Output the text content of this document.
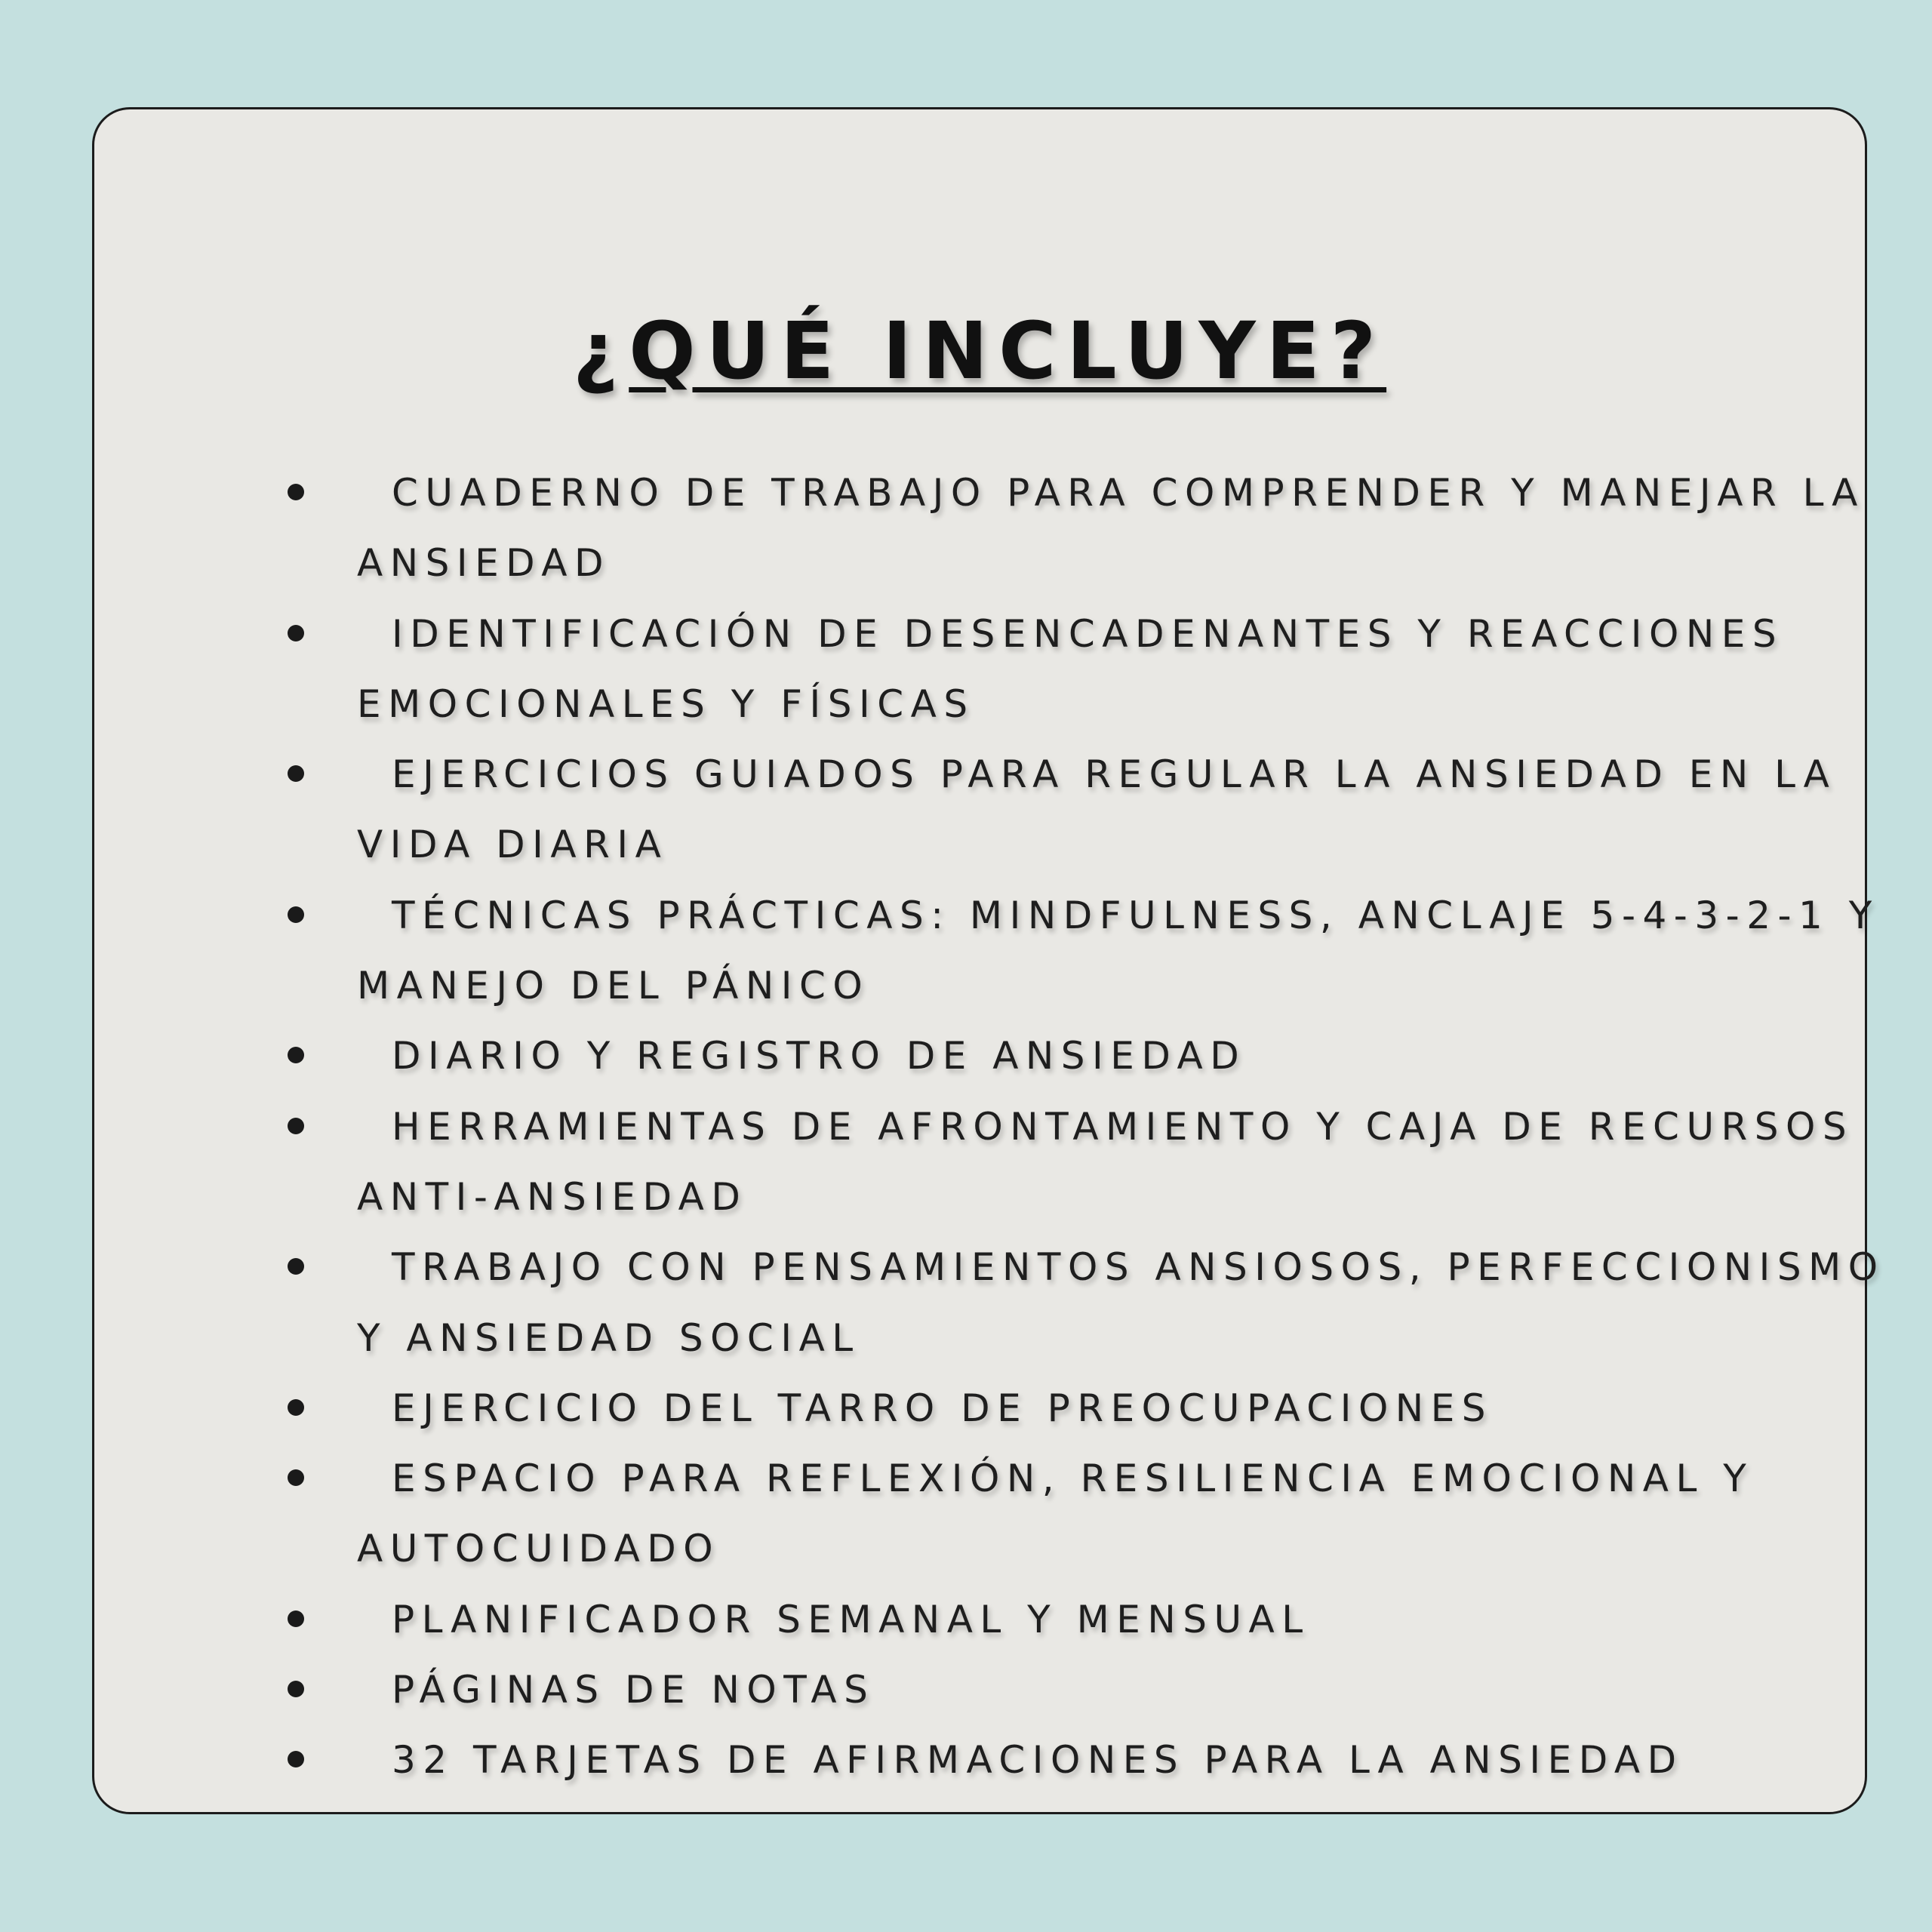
¿QUÉ INCLUYE?
CUADERNO DE TRABAJO PARA COMPRENDER Y MANEJAR LA ANSIEDAD
IDENTIFICACIÓN DE DESENCADENANTES Y REACCIONES EMOCIONALES Y FÍSICAS
EJERCICIOS GUIADOS PARA REGULAR LA ANSIEDAD EN LA VIDA DIARIA
TÉCNICAS PRÁCTICAS: MINDFULNESS, ANCLAJE 5-4-3-2-1 Y MANEJO DEL PÁNICO
DIARIO Y REGISTRO DE ANSIEDAD
HERRAMIENTAS DE AFRONTAMIENTO Y CAJA DE RECURSOS ANTI-ANSIEDAD
TRABAJO CON PENSAMIENTOS ANSIOSOS, PERFECCIONISMO Y ANSIEDAD SOCIAL
EJERCICIO DEL TARRO DE PREOCUPACIONES
ESPACIO PARA REFLEXIÓN, RESILIENCIA EMOCIONAL Y AUTOCUIDADO
PLANIFICADOR SEMANAL Y MENSUAL
PÁGINAS DE NOTAS
32 TARJETAS DE AFIRMACIONES PARA LA ANSIEDAD
